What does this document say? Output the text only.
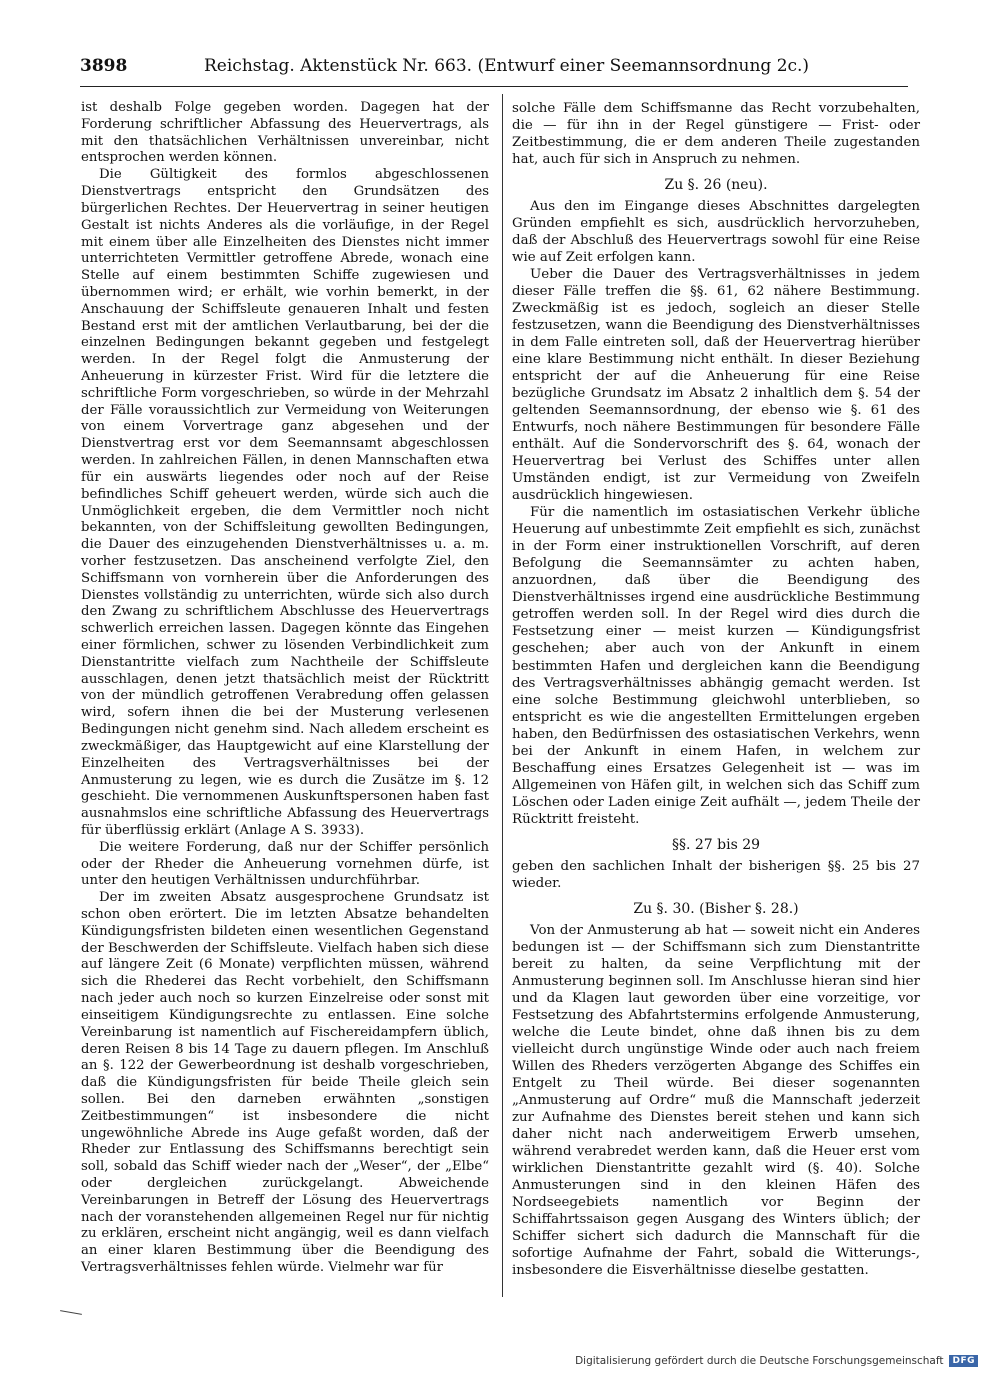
3898	Reichstag. Aktenstück Nr. 663. (Entwurf einer Seemannsordnung 2c.)

ist deshalb Folge gegeben worden. Dagegen hat der Forderung schriftlicher Abfassung des Heuervertrags, als mit den thatsächlichen Verhältnissen unvereinbar, nicht entsprochen werden können.

Die Gültigkeit des formlos abgeschlossenen Dienstvertrags entspricht den Grundsätzen des bürgerlichen Rechtes. Der Heuervertrag in seiner heutigen Gestalt ist nichts Anderes als die vorläufige, in der Regel mit einem über alle Einzelheiten des Dienstes nicht immer unterrichteten Vermittler getroffene Abrede, wonach eine Stelle auf einem bestimmten Schiffe zugewiesen und übernommen wird; er erhält, wie vorhin bemerkt, in der Anschauung der Schiffsleute genaueren Inhalt und festen Bestand erst mit der amtlichen Verlautbarung, bei der die einzelnen Bedingungen bekannt gegeben und festgelegt werden. In der Regel folgt die Anmusterung der Anheuerung in kürzester Frist. Wird für die letztere die schriftliche Form vorgeschrieben, so würde in der Mehrzahl der Fälle voraussichtlich zur Vermeidung von Weiterungen von einem Vorvertrage ganz abgesehen und der Dienstvertrag erst vor dem Seemannsamt abgeschlossen werden. In zahlreichen Fällen, in denen Mannschaften etwa für ein auswärts liegendes oder noch auf der Reise befindliches Schiff geheuert werden, würde sich auch die Unmöglichkeit ergeben, die dem Vermittler noch nicht bekannten, von der Schiffsleitung gewollten Bedingungen, die Dauer des einzugehenden Dienstverhältnisses u. a. m. vorher festzusetzen. Das anscheinend verfolgte Ziel, den Schiffsmann von vornherein über die Anforderungen des Dienstes vollständig zu unterrichten, würde sich also durch den Zwang zu schriftlichem Abschlusse des Heuervertrags schwerlich erreichen lassen. Dagegen könnte das Eingehen einer förmlichen, schwer zu lösenden Verbindlichkeit zum Dienstantritte vielfach zum Nachtheile der Schiffsleute ausschlagen, denen jetzt thatsächlich meist der Rücktritt von der mündlich getroffenen Verabredung offen gelassen wird, sofern ihnen die bei der Musterung verlesenen Bedingungen nicht genehm sind. Nach alledem erscheint es zweckmäßiger, das Hauptgewicht auf eine Klarstellung der Einzelheiten des Vertragsverhältnisses bei der Anmusterung zu legen, wie es durch die Zusätze im §. 12 geschieht. Die vernommenen Auskunftspersonen haben fast ausnahmslos eine schriftliche Abfassung des Heuervertrags für überflüssig erklärt (Anlage A S. 3933).

Die weitere Forderung, daß nur der Schiffer persönlich oder der Rheder die Anheuerung vornehmen dürfe, ist unter den heutigen Verhältnissen undurchführbar.

Der im zweiten Absatz ausgesprochene Grundsatz ist schon oben erörtert. Die im letzten Absatze behandelten Kündigungsfristen bildeten einen wesentlichen Gegenstand der Beschwerden der Schiffsleute. Vielfach haben sich diese auf längere Zeit (6 Monate) verpflichten müssen, während sich die Rhederei das Recht vorbehielt, den Schiffsmann nach jeder auch noch so kurzen Einzelreise oder sonst mit einseitigem Kündigungsrechte zu entlassen. Eine solche Vereinbarung ist namentlich auf Fischereidampfern üblich, deren Reisen 8 bis 14 Tage zu dauern pflegen. Im Anschluß an §. 122 der Gewerbeordnung ist deshalb vorgeschrieben, daß die Kündigungsfristen für beide Theile gleich sein sollen. Bei den darneben erwähnten „sonstigen Zeitbestimmungen“ ist insbesondere die nicht ungewöhnliche Abrede ins Auge gefaßt worden, daß der Rheder zur Entlassung des Schiffsmanns berechtigt sein soll, sobald das Schiff wieder nach der „Weser“, der „Elbe“ oder dergleichen zurückgelangt. Abweichende Vereinbarungen in Betreff der Lösung des Heuervertrags nach der voranstehenden allgemeinen Regel nur für nichtig zu erklären, erscheint nicht angängig, weil es dann vielfach an einer klaren Bestimmung über die Beendigung des Vertragsverhältnisses fehlen würde. Vielmehr war für

solche Fälle dem Schiffsmanne das Recht vorzubehalten, die — für ihn in der Regel günstigere — Frist- oder Zeitbestimmung, die er dem anderen Theile zugestanden hat, auch für sich in Anspruch zu nehmen.

Zu §. 26 (neu).

Aus den im Eingange dieses Abschnittes dargelegten Gründen empfiehlt es sich, ausdrücklich hervorzuheben, daß der Abschluß des Heuervertrags sowohl für eine Reise wie auf Zeit erfolgen kann.

Ueber die Dauer des Vertragsverhältnisses in jedem dieser Fälle treffen die §§. 61, 62 nähere Bestimmung. Zweckmäßig ist es jedoch, sogleich an dieser Stelle festzusetzen, wann die Beendigung des Dienstverhältnisses in dem Falle eintreten soll, daß der Heuervertrag hierüber eine klare Bestimmung nicht enthält. In dieser Beziehung entspricht der auf die Anheuerung für eine Reise bezügliche Grundsatz im Absatz 2 inhaltlich dem §. 54 der geltenden Seemannsordnung, der ebenso wie §. 61 des Entwurfs, noch nähere Bestimmungen für besondere Fälle enthält. Auf die Sondervorschrift des §. 64, wonach der Heuervertrag bei Verlust des Schiffes unter allen Umständen endigt, ist zur Vermeidung von Zweifeln ausdrücklich hingewiesen.

Für die namentlich im ostasiatischen Verkehr übliche Heuerung auf unbestimmte Zeit empfiehlt es sich, zunächst in der Form einer instruktionellen Vorschrift, auf deren Befolgung die Seemannsämter zu achten haben, anzuordnen, daß über die Beendigung des Dienstverhältnisses irgend eine ausdrückliche Bestimmung getroffen werden soll. In der Regel wird dies durch die Festsetzung einer — meist kurzen — Kündigungsfrist geschehen; aber auch von der Ankunft in einem bestimmten Hafen und dergleichen kann die Beendigung des Vertragsverhältnisses abhängig gemacht werden. Ist eine solche Bestimmung gleichwohl unterblieben, so entspricht es wie die angestellten Ermittelungen ergeben haben, den Bedürfnissen des ostasiatischen Verkehrs, wenn bei der Ankunft in einem Hafen, in welchem zur Beschaffung eines Ersatzes Gelegenheit ist — was im Allgemeinen von Häfen gilt, in welchen sich das Schiff zum Löschen oder Laden einige Zeit aufhält —, jedem Theile der Rücktritt freisteht.

§§. 27 bis 29

geben den sachlichen Inhalt der bisherigen §§. 25 bis 27 wieder.

Zu §. 30. (Bisher §. 28.)

Von der Anmusterung ab hat — soweit nicht ein Anderes bedungen ist — der Schiffsmann sich zum Dienstantritte bereit zu halten, da seine Verpflichtung mit der Anmusterung beginnen soll. Im Anschlusse hieran sind hier und da Klagen laut geworden über eine vorzeitige, vor Festsetzung des Abfahrtstermins erfolgende Anmusterung, welche die Leute bindet, ohne daß ihnen bis zu dem vielleicht durch ungünstige Winde oder auch nach freiem Willen des Rheders verzögerten Abgange des Schiffes ein Entgelt zu Theil würde. Bei dieser sogenannten „Anmusterung auf Ordre“ muß die Mannschaft jederzeit zur Aufnahme des Dienstes bereit stehen und kann sich daher nicht nach anderweitigem Erwerb umsehen, während verabredet werden kann, daß die Heuer erst vom wirklichen Dienstantritte gezahlt wird (§. 40). Solche Anmusterungen sind in den kleinen Häfen des Nordseegebiets namentlich vor Beginn der Schiffahrtssaison gegen Ausgang des Winters üblich; der Schiffer sichert sich dadurch die Mannschaft für die sofortige Aufnahme der Fahrt, sobald die Witterungs-, insbesondere die Eisverhältnisse dieselbe gestatten.

Digitalisierung gefördert durch die Deutsche Forschungsgemeinschaft	DFG
